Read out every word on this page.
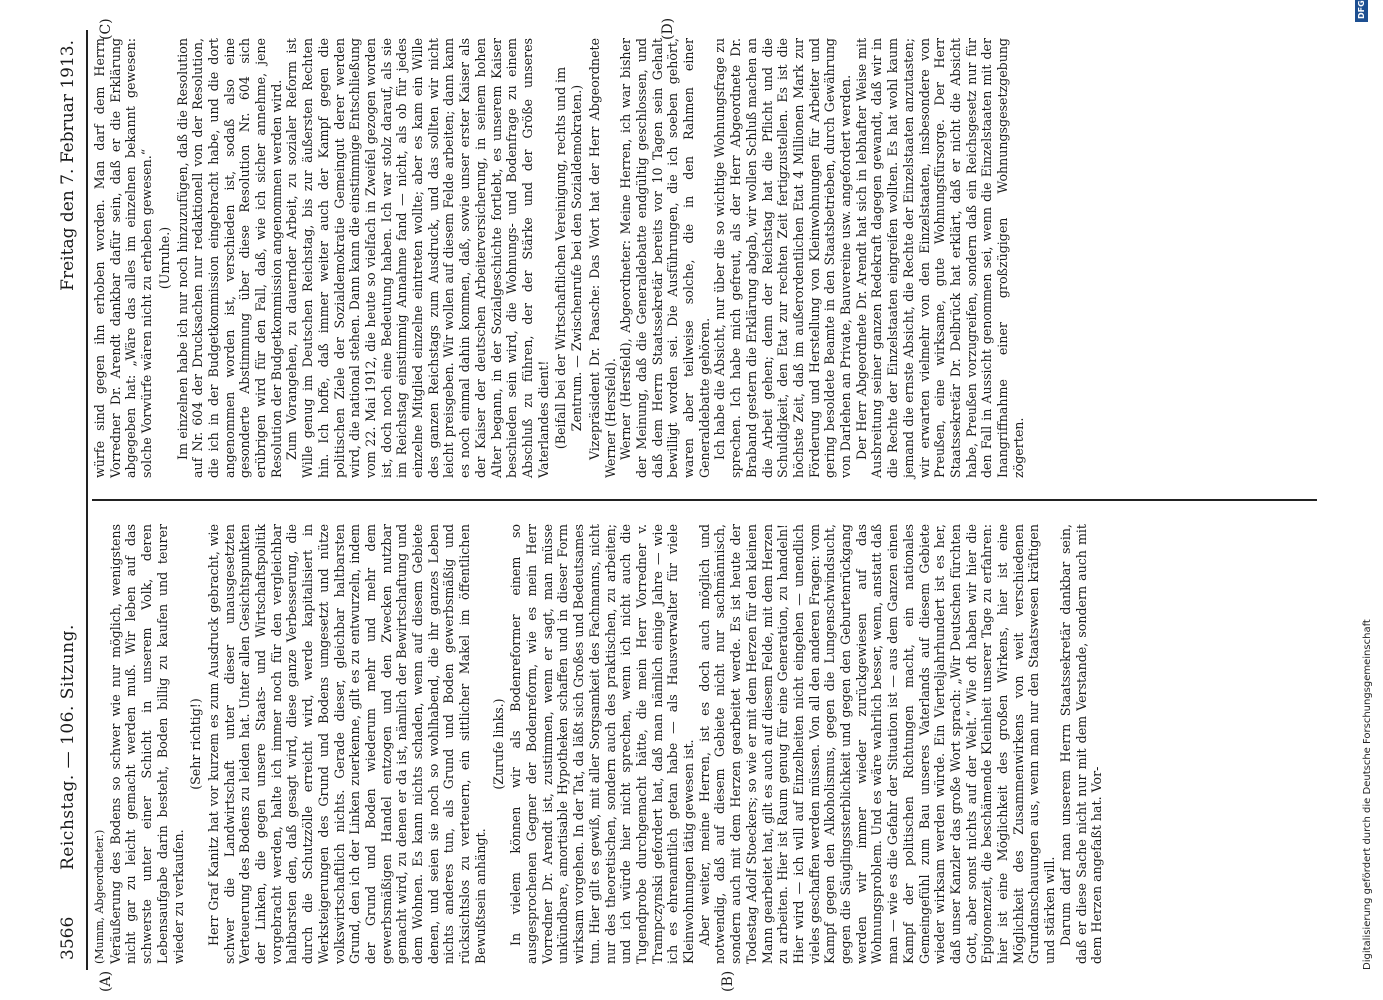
3566
Reichstag. — 106. Sitzung.
Freitag den 7. Februar 1913.
(A)	(B)
(C)	(D)

(Mumm, Abgeordneter.) Veräußerung des Bodens so schwer wie nur möglich, wenigstens nicht gar zu leicht gemacht werden muß. Wir leben auf das schwerste unter einer Schicht in unserem Volk, deren Lebensaufgabe darin besteht, Boden billig zu kaufen und teurer wieder zu verkaufen.

(Sehr richtig!) Herr Graf Kanitz hat vor kurzem es zum Ausdruck gebracht, wie schwer die Landwirtschaft unter dieser unausgesetzten Verteuerung des Bodens zu leiden hat. Unter allen Gesichtspunkten der Linken, die gegen unsere Staats- und Wirtschaftspolitik vorgebracht werden, halte ich immer noch für den vergleichbar haltbarsten den, daß gesagt wird, diese ganze Verbesserung, die durch die Schutzzölle erreicht wird, werde kapitalisiert in Werksteigerungen des Grund und Bodens umgesetzt und nütze volkswirtschaftlich nichts. Gerade dieser, gleichbar haltbarsten Grund, den ich der Linken zuerkenne, gilt es zu entwurzeln, indem der Grund und Boden wiederum mehr und mehr dem gewerbsmäßigen Handel entzogen und den Zwecken nutzbar gemacht wird, zu denen er da ist, nämlich der Bewirtschaftung und dem Wohnen. Es kann nichts schaden, wenn auf diesem Gebiete denen, und seien sie noch so wohlhabend, die ihr ganzes Leben nichts anderes tun, als Grund und Boden gewerbsmäßig und rücksichtslos zu verteuern, ein sittlicher Makel im öffentlichen Bewußtsein anhängt.

(Zurufe links.) In vielem können wir als Bodenreformer einem so ausgesprochenen Gegner der Bodenreform, wie es mein Herr Vorredner Dr. Arendt ist, zustimmen, wenn er sagt, man müsse unkündbare, amortisable Hypotheken schaffen und in dieser Form wirksam vorgehen. In der Tat, da läßt sich Großes und Bedeutsames tun. Hier gilt es gewiß, mit aller Sorgsamkeit des Fachmanns, nicht nur des theoretischen, sondern auch des praktischen, zu arbeiten; und ich würde hier nicht sprechen, wenn ich nicht auch die Tugendprobe durchgemacht hätte, die mein Herr Vorredner v. Trampczynski gefordert hat, daß man nämlich einige Jahre — wie ich es ehrenamtlich getan habe — als Hausverwalter für viele Kleinwohnungen tätig gewesen ist. Aber weiter, meine Herren, ist es doch auch möglich und notwendig, daß auf diesem Gebiete nicht nur sachmännisch, sondern auch mit dem Herzen gearbeitet werde. Es ist heute der Todestag Adolf Stoeckers; so wie er mit dem Herzen für den kleinen Mann gearbeitet hat, gilt es auch auf diesem Felde, mit dem Herzen zu arbeiten. Hier ist Raum genug für eine Generation, zu handeln! Hier wird — ich will auf Einzelheiten nicht eingehen — unendlich vieles geschaffen werden müssen. Von all den anderen Fragen: vom Kampf gegen den Alkoholismus, gegen die Lungenschwindsucht, gegen die Säuglingssterblichkeit und gegen den Geburtenrückgang werden wir immer wieder zurückgewiesen auf das Wohnungsproblem. Und es wäre wahrlich besser, wenn, anstatt daß man — wie es die Gefahr der Situation ist — aus dem Ganzen einen Kampf der politischen Richtungen macht, ein nationales Gemeingefühl zum Bau unseres Vaterlands auf diesem Gebiete wieder wirksam werden würde. Ein Vierteljahrhundert ist es her, daß unser Kanzler das große Wort sprach: „Wir Deutschen fürchten Gott, aber sonst nichts auf der Welt.“ Wie oft haben wir hier die Epigonenzeit, die beschämende Kleinheit unserer Tage zu erfahren: hier ist eine Möglichkeit des großen Wirkens, hier ist eine Möglichkeit des Zusammenwirkens von weit verschiedenen Grundanschauungen aus, wenn man nur den Staatswesen kräftigen und stärken will. Darum darf man unserem Herrn Staatssekretär dankbar sein, daß er diese Sache nicht nur mit dem Verstande, sondern auch mit dem Herzen angefaßt hat. Vor-

würfe sind gegen ihn erhoben worden. Man darf dem Herrn Vorredner Dr. Arendt dankbar dafür sein, daß er die Erklärung abgegeben hat: „Wäre das alles im einzelnen bekannt gewesen: solche Vorwürfe wären nicht zu erheben gewesen.“ (Unruhe.) Im einzelnen habe ich nur noch hinzuzufügen, daß die Resolution auf Nr. 604 der Drucksachen nur redaktionell von der Resolution, die ich in der Budgetkommission eingebracht habe, und die dort angenommen worden ist, verschieden ist, sodaß also eine gesonderte Abstimmung über diese Resolution Nr. 604 sich erübrigen wird für den Fall, daß, wie ich sicher annehme, jene Resolution der Budgetkommission angenommen werden wird. Zum Vorangehen, zu dauernder Arbeit, zu sozialer Reform ist Wille genug im Deutschen Reichstag, bis zur äußersten Rechten hin. Ich hoffe, daß immer weiter auch der Kampf gegen die politischen Ziele der Sozialdemokratie Gemeingut derer werden wird, die national stehen. Dann kann die einstimmige Entschließung vom 22. Mai 1912, die heute so vielfach in Zweifel gezogen worden ist, doch noch eine Bedeutung haben. Ich war stolz darauf, als sie im Reichstag einstimmig Annahme fand — nicht, als ob für jedes einzelne Mitglied einzelne eintreten wollte; aber es kam ein Wille des ganzen Reichstags zum Ausdruck, und das sollten wir nicht leicht preisgeben. Wir wollen auf diesem Felde arbeiten; dann kann es noch einmal dahin kommen, daß, sowie unser erster Kaiser als der Kaiser der deutschen Arbeiterversicherung, in seinem hohen Alter begann, in der Sozialgeschichte fortlebt, es unserem Kaiser beschieden sein wird, die Wohnungs- und Bodenfrage zu einem Abschluß zu führen, der der Stärke und der Größe unseres Vaterlandes dient! (Beifall bei der Wirtschaftlichen Vereinigung, rechts und im Zentrum. — Zwischenrufe bei den Sozialdemokraten.) Vizepräsident Dr. Paasche: Das Wort hat der Herr Abgeordnete Werner (Hersfeld). Werner (Hersfeld), Abgeordneter: Meine Herren, ich war bisher der Meinung, daß die Generaldebatte endgültig geschlossen, und daß dem Herrn Staatssekretär bereits vor 10 Tagen sein Gehalt bewilligt worden sei. Die Ausführungen, die ich soeben gehört, waren aber teilweise solche, die in den Rahmen einer Generaldebatte gehören. Ich habe die Absicht, nur über die so wichtige Wohnungsfrage zu sprechen. Ich habe mich gefreut, als der Herr Abgeordnete Dr. Braband gestern die Erklärung abgab, wir wollen Schluß machen an die Arbeit gehen; denn der Reichstag hat die Pflicht und die Schuldigkeit, den Etat zur rechten Zeit fertigzustellen. Es ist die höchste Zeit, daß im außerordentlichen Etat 4 Millionen Mark zur Förderung und Herstellung von Kleinwohnungen für Arbeiter und gering besoldete Beamte in den Staatsbetrieben, durch Gewährung von Darlehen an Private, Bauvereine usw. angefordert werden. Der Herr Abgeordnete Dr. Arendt hat sich in lebhafter Weise mit Ausbreitung seiner ganzen Redekraft dagegen gewandt, daß wir in die Rechte der Einzelstaaten eingreifen wollten. Es hat wohl kaum jemand die ernste Absicht, die Rechte der Einzelstaaten anzutasten; wir erwarten vielmehr von den Einzelstaaten, insbesondere von Preußen, eine wirksame, gute Wohnungsfürsorge. Der Herr Staatssekretär Dr. Delbrück hat erklärt, daß er nicht die Absicht habe, Preußen vorzugreifen, sondern daß ein Reichsgesetz nur für den Fall in Aussicht genommen sei, wenn die Einzelstaaten mit der Inangriffnahme einer großzügigen Wohnungsgesetzgebung zögerten.

Digitalisierung gefördert durch die Deutsche Forschungsgemeinschaft
DFG
